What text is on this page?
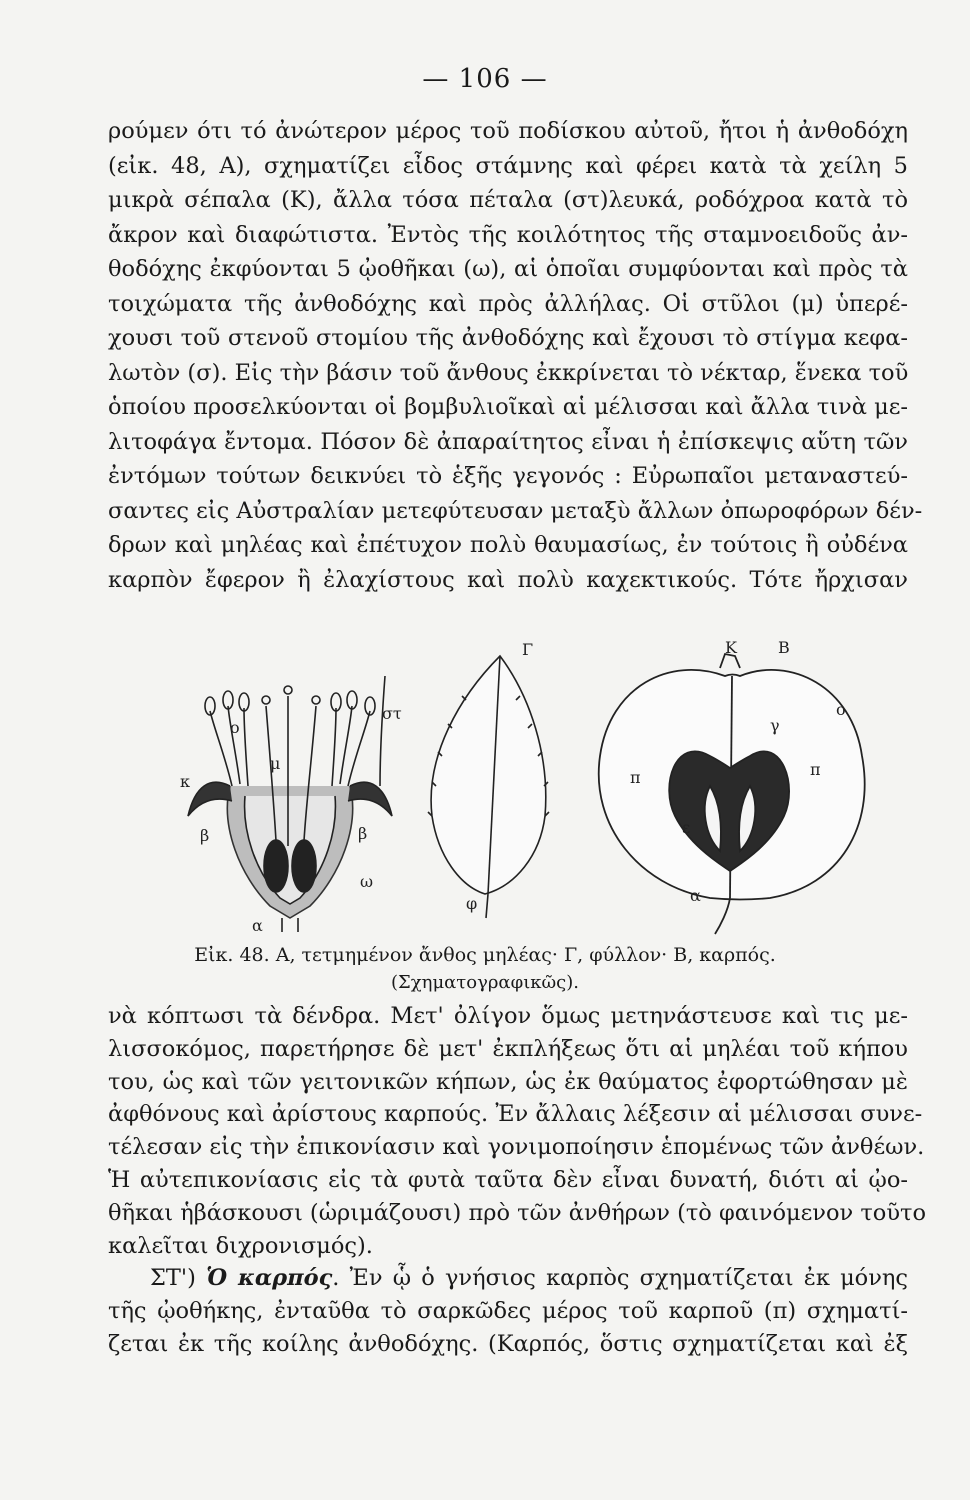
— 106 —
ρούμεν ότι τό ἀνώτερον μέρος τοῦ ποδίσκου αὐτοῦ, ἤτοι ἡ ἀνθοδόχη
(εἰκ. 48, Α), σχηματίζει εἶδος στάμνης καὶ φέρει κατὰ τὰ χείλη 5
μικρὰ σέπαλα (Κ), ἄλλα τόσα πέταλα (στ)λευκά, ροδόχροα κατὰ τὸ
ἄκρον καὶ διαφώτιστα. Ἐντὸς τῆς κοιλότητος τῆς σταμνοειδοῦς ἀν-
θοδόχης ἐκφύονται 5 ᾠοθῆκαι (ω), αἱ ὁποῖαι συμφύονται καὶ πρὸς τὰ
τοιχώματα τῆς ἀνθοδόχης καὶ πρὸς ἀλλήλας. Οἱ στῦλοι (μ) ὑπερέ-
χουσι τοῦ στενοῦ στομίου τῆς ἀνθοδόχης καὶ ἔχουσι τὸ στίγμα κεφα-
λωτὸν (σ). Εἰς τὴν βάσιν τοῦ ἄνθους ἐκκρίνεται τὸ νέκταρ, ἕνεκα τοῦ
ὁποίου προσελκύονται οἱ βομβυλιοῖκαὶ αἱ μέλισσαι καὶ ἄλλα τινὰ με-
λιτοφάγα ἔντομα. Πόσον δὲ ἀπαραίτητος εἶναι ἡ ἐπίσκεψις αὕτη τῶν
ἐντόμων τούτων δεικνύει τὸ ἑξῆς γεγονός : Εὐρωπαῖοι μεταναστεύ-
σαντες εἰς Αὐστραλίαν μετεφύτευσαν μεταξὺ ἄλλων ὀπωροφόρων δέν-
δρων καὶ μηλέας καὶ ἐπέτυχον πολὺ θαυμασίως, ἐν τούτοις ἢ οὐδένα
καρπὸν ἔφερον ἢ ἐλαχίστους καὶ πολὺ καχεκτικούς. Τότε ἤρχισαν
στ
ο
κ
μ
β	β
ω
α
Γ
φ
Κ	Β
ο
γ
π	π
ε
α
Εἰκ. 48. Α, τετμημένον ἄνθος μηλέας· Γ, φύλλον· Β, καρπός.
(Σχηματογραφικῶς).
νὰ κόπτωσι τὰ δένδρα. Μετ' ὀλίγον ὅμως μετηνάστευσε καὶ τις με-
λισσοκόμος, παρετήρησε δὲ μετ' ἐκπλήξεως ὅτι αἱ μηλέαι τοῦ κήπου
του, ὡς καὶ τῶν γειτονικῶν κήπων, ὡς ἐκ θαύματος ἐφορτώθησαν μὲ
ἀφθόνους καὶ ἀρίστους καρπούς. Ἐν ἄλλαις λέξεσιν αἱ μέλισσαι συνε-
τέλεσαν εἰς τὴν ἐπικονίασιν καὶ γονιμοποίησιν ἑπομένως τῶν ἀνθέων.
Ἡ αὐτεπικονίασις εἰς τὰ φυτὰ ταῦτα δὲν εἶναι δυνατή, διότι αἱ ᾠο-
θῆκαι ἡβάσκουσι (ὡριμάζουσι) πρὸ τῶν ἀνθήρων (τὸ φαινόμενον τοῦτο
καλεῖται διχρονισμός).
ΣΤ') Ὁ καρπός. Ἐν ᾧ ὁ γνήσιος καρπὸς σχηματίζεται ἐκ μόνης
τῆς ᾠοθήκης, ἐνταῦθα τὸ σαρκῶδες μέρος τοῦ καρποῦ (π) σχηματί-
ζεται ἐκ τῆς κοίλης ἀνθοδόχης. (Καρπός, ὅστις σχηματίζεται καὶ ἐξ
